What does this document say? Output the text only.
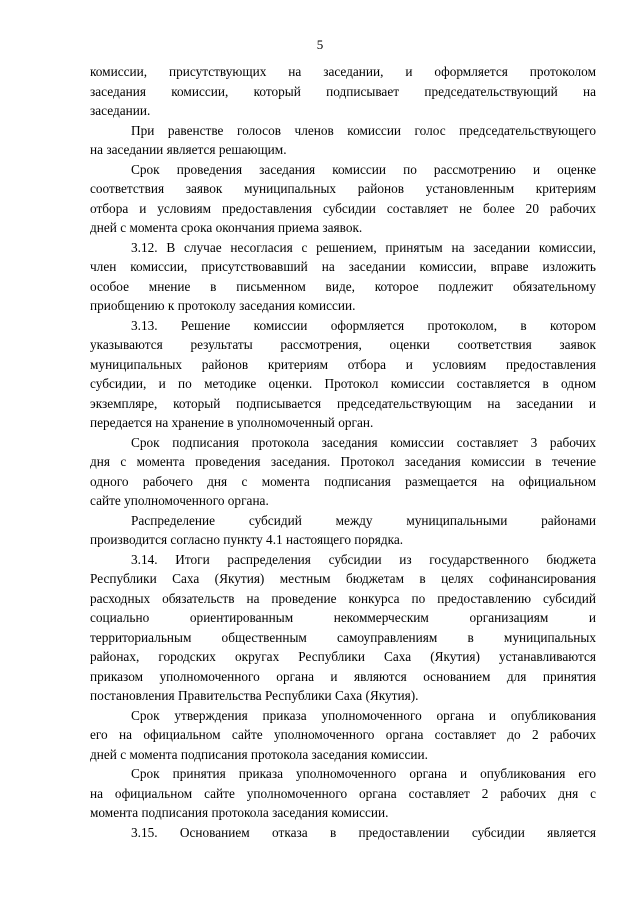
5
комиссии, присутствующих на заседании, и оформляется протоколом
заседания комиссии, который подписывает председательствующий на
заседании.
При равенстве голосов членов комиссии голос председательствующего
на заседании является решающим.
Срок проведения заседания комиссии по рассмотрению и оценке
соответствия заявок муниципальных районов установленным критериям
отбора и условиям предоставления субсидии составляет не более 20 рабочих
дней с момента срока окончания приема заявок.
3.12. В случае несогласия с решением, принятым на заседании комиссии,
член комиссии, присутствовавший на заседании комиссии, вправе изложить
особое мнение в письменном виде, которое подлежит обязательному
приобщению к протоколу заседания комиссии.
3.13. Решение комиссии оформляется протоколом, в котором
указываются результаты рассмотрения, оценки соответствия заявок
муниципальных районов критериям отбора и условиям предоставления
субсидии, и по методике оценки. Протокол комиссии составляется в одном
экземпляре, который подписывается председательствующим на заседании и
передается на хранение в уполномоченный орган.
Срок подписания протокола заседания комиссии составляет 3 рабочих
дня с момента проведения заседания. Протокол заседания комиссии в течение
одного рабочего дня с момента подписания размещается на официальном
сайте уполномоченного органа.
Распределение субсидий между муниципальными районами
производится согласно пункту 4.1 настоящего порядка.
3.14. Итоги распределения субсидии из государственного бюджета
Республики Саха (Якутия) местным бюджетам в целях софинансирования
расходных обязательств на проведение конкурса по предоставлению субсидий
социально ориентированным некоммерческим организациям и
территориальным общественным самоуправлениям в муниципальных
районах, городских округах Республики Саха (Якутия) устанавливаются
приказом уполномоченного органа и являются основанием для принятия
постановления Правительства Республики Саха (Якутия).
Срок утверждения приказа уполномоченного органа и опубликования
его на официальном сайте уполномоченного органа составляет до 2 рабочих
дней с момента подписания протокола заседания комиссии.
Срок принятия приказа уполномоченного органа и опубликования его
на официальном сайте уполномоченного органа составляет 2 рабочих дня с
момента подписания протокола заседания комиссии.
3.15. Основанием отказа в предоставлении субсидии является
